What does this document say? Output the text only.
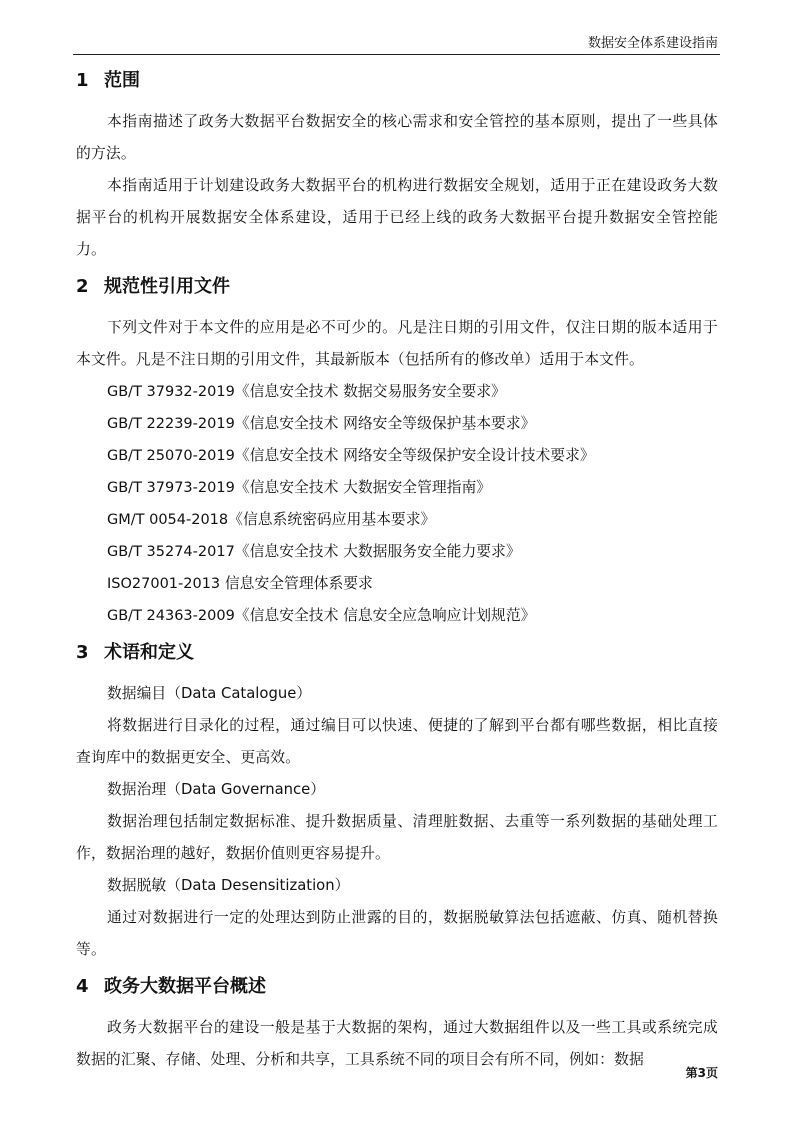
数据安全体系建设指南
1 范围

本指南描述了政务大数据平台数据安全的核心需求和安全管控的基本原则，提出了一些具体的方法。

本指南适用于计划建设政务大数据平台的机构进行数据安全规划，适用于正在建设政务大数据平台的机构开展数据安全体系建设，适用于已经上线的政务大数据平台提升数据安全管控能力。

2 规范性引用文件

下列文件对于本文件的应用是必不可少的。凡是注日期的引用文件，仅注日期的版本适用于本文件。凡是不注日期的引用文件，其最新版本（包括所有的修改单）适用于本文件。

GB/T 37932-2019《信息安全技术 数据交易服务安全要求》
GB/T 22239-2019《信息安全技术 网络安全等级保护基本要求》
GB/T 25070-2019《信息安全技术 网络安全等级保护安全设计技术要求》
GB/T 37973-2019《信息安全技术 大数据安全管理指南》
GM/T 0054-2018《信息系统密码应用基本要求》
GB/T 35274-2017《信息安全技术 大数据服务安全能力要求》
ISO27001-2013 信息安全管理体系要求
GB/T 24363-2009《信息安全技术 信息安全应急响应计划规范》
3 术语和定义
数据编目（Data Catalogue）

将数据进行目录化的过程，通过编目可以快速、便捷的了解到平台都有哪些数据，相比直接查询库中的数据更安全、更高效。

数据治理（Data Governance）

数据治理包括制定数据标准、提升数据质量、清理脏数据、去重等一系列数据的基础处理工作，数据治理的越好，数据价值则更容易提升。

数据脱敏（Data Desensitization）

通过对数据进行一定的处理达到防止泄露的目的，数据脱敏算法包括遮蔽、仿真、随机替换等。

4 政务大数据平台概述

政务大数据平台的建设一般是基于大数据的架构，通过大数据组件以及一些工具或系统完成数据的汇聚、存储、处理、分析和共享，工具系统不同的项目会有所不同，例如：数据

第3页
